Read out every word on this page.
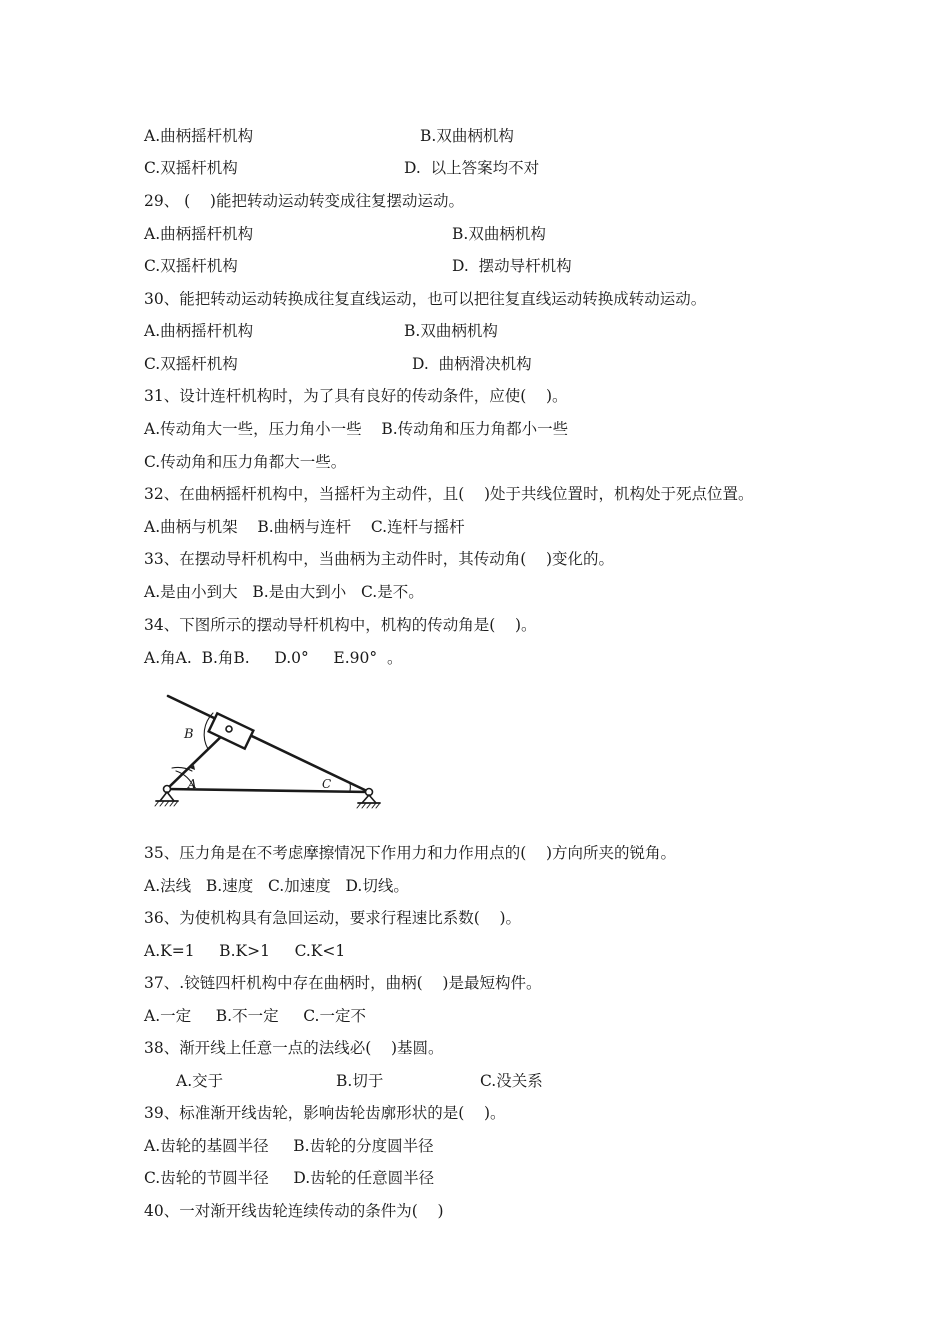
A.曲柄摇杆机构	B.双曲柄机构
C.双摇杆机构	D.  以上答案均不对
29、 (    )能把转动运动转变成往复摆动运动。
A.曲柄摇杆机构	B.双曲柄机构
C.双摇杆机构	D.  摆动导杆机构
30、能把转动运动转换成往复直线运动，也可以把往复直线运动转换成转动运动。
A.曲柄摇杆机构	B.双曲柄机构
C.双摇杆机构	D.  曲柄滑决机构
31、设计连杆机构时，为了具有良好的传动条件，应使(    )。
A.传动角大一些，压力角小一些    B.传动角和压力角都小一些
C.传动角和压力角都大一些。
32、在曲柄摇杆机构中，当摇杆为主动件，且(    )处于共线位置时，机构处于死点位置。
A.曲柄与机架    B.曲柄与连杆    C.连杆与摇杆
33、在摆动导杆机构中，当曲柄为主动件时，其传动角(    )变化的。
A.是由小到大   B.是由大到小   C.是不。
34、下图所示的摆动导杆机构中，机构的传动角是(    )。
A.角A.  B.角B.     D.0°     E.90°  。
B
A	C
35、压力角是在不考虑摩擦情况下作用力和力作用点的(    )方向所夹的锐角。
A.法线   B.速度   C.加速度   D.切线。
36、为使机构具有急回运动，要求行程速比系数(    )。
A.K=1     B.K>1     C.K<1
37、.铰链四杆机构中存在曲柄时，曲柄(    )是最短构件。
A.一定     B.不一定     C.一定不
38、渐开线上任意一点的法线必(    )基圆。
A.交于	B.切于	C.没关系
39、标准渐开线齿轮，影响齿轮齿廓形状的是(    )。
A.齿轮的基圆半径     B.齿轮的分度圆半径
C.齿轮的节圆半径     D.齿轮的任意圆半径
40、一对渐开线齿轮连续传动的条件为(    )
